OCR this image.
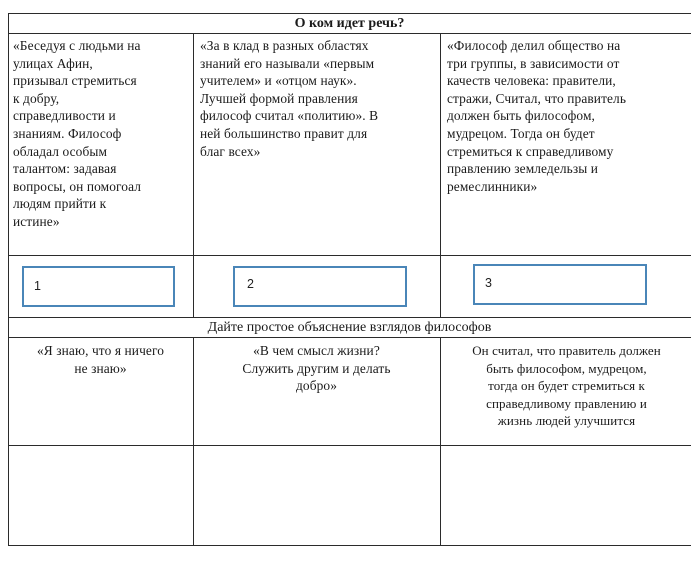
О ком идет речь?
«Беседуя с людьми на
улицах Афин,
призывал стремиться
к добру,
справедливости и
знаниям. Философ
обладал особым
талантом: задавая
вопросы, он помогоал
людям прийти к
истине»
«За в клад в разных областях
знаний его называли «первым
учителем» и «отцом наук».
Лучшей формой правления
философ считал «политию». В
ней большинство правит для
благ всех»
«Философ делил общество на
три группы, в зависимости от
качеств человека: правители,
стражи, Считал, что правитель
должен быть философом,
мудрецом. Тогда он будет
стремиться к справедливому
правлению земледельзы и
ремеслинники»
1	2	3
Дайте простое объяснение взглядов философов
«Я знаю, что я ничего
не знаю»
«В чем смысл жизни?
Служить другим и делать
добро»
Он считал, что правитель должен
быть философом, мудрецом,
тогда он будет стремиться к
справедливому правлению и
жизнь людей улучшится
